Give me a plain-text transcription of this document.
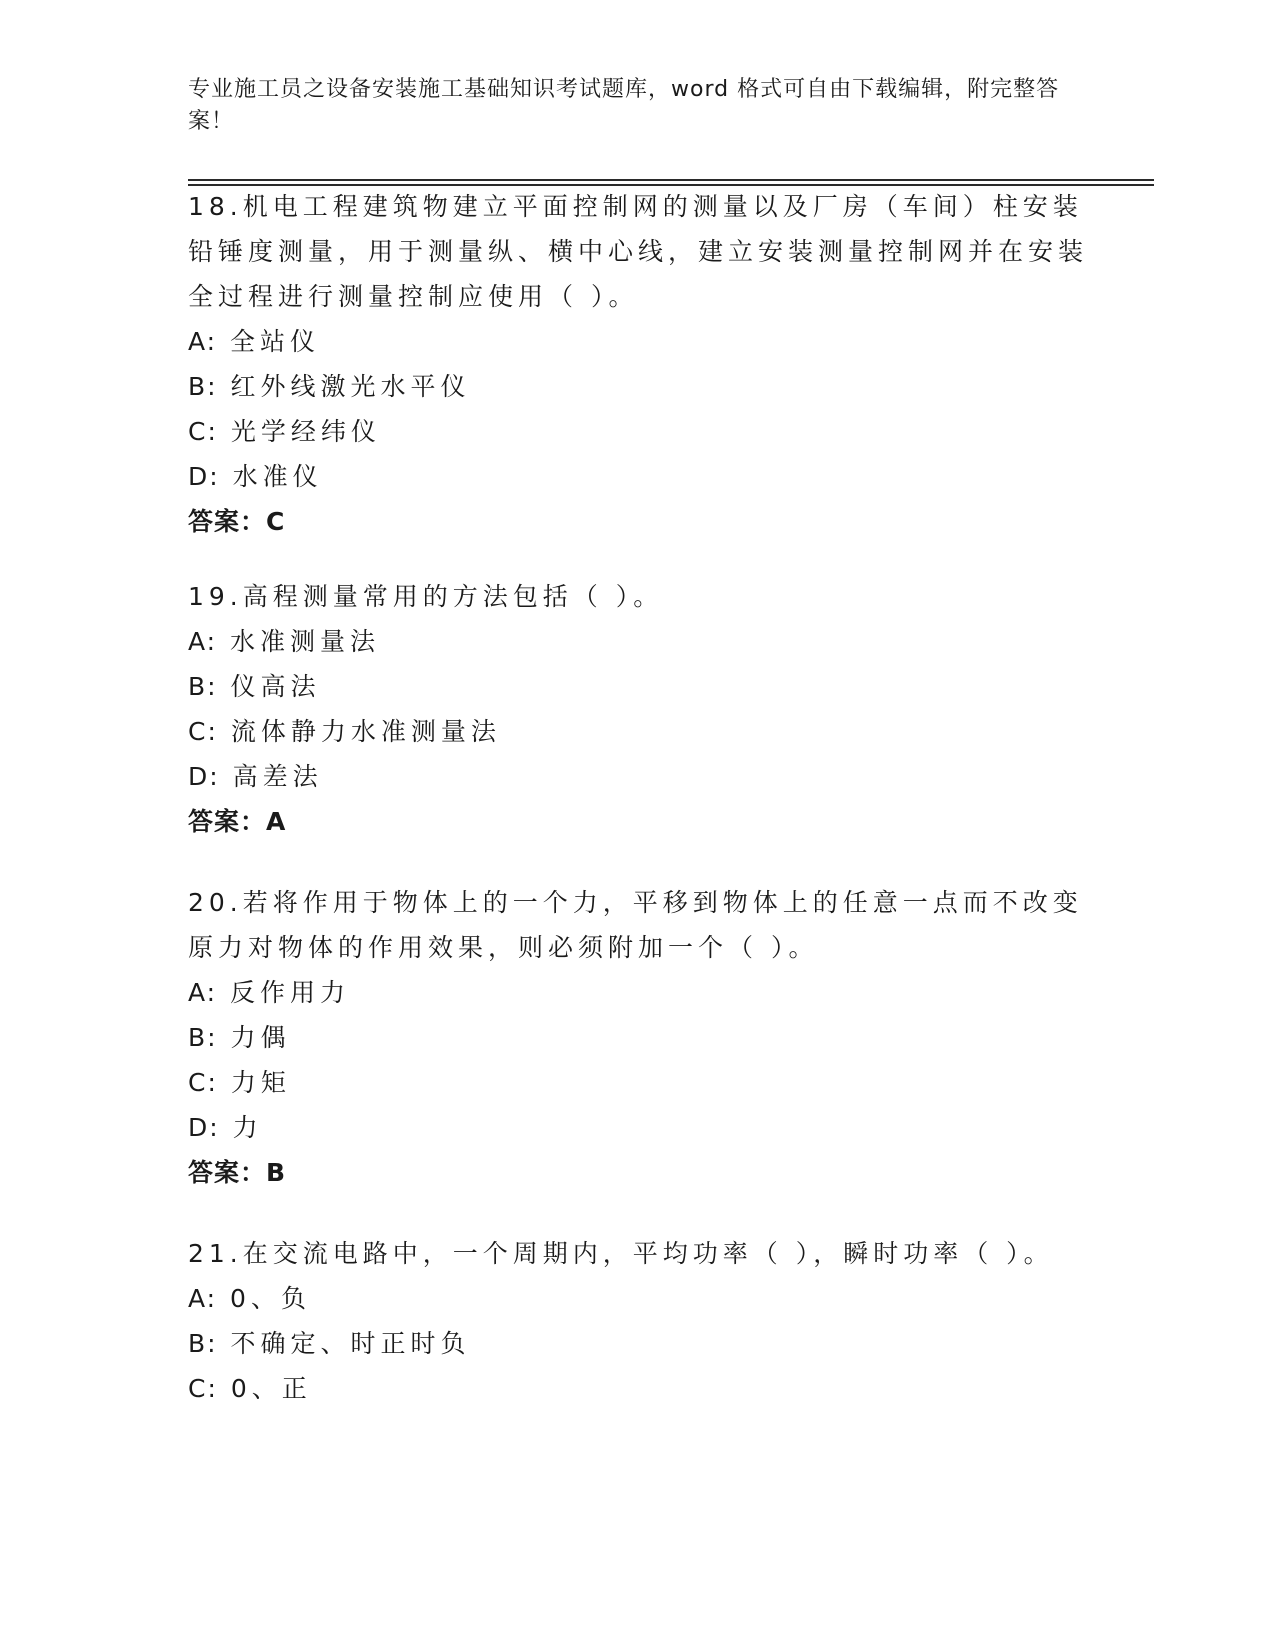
专业施工员之设备安装施工基础知识考试题库，word 格式可自由下载编辑，附完整答案！

18.机电工程建筑物建立平面控制网的测量以及厂房（车间）柱安装铅锤度测量，用于测量纵、横中心线，建立安装测量控制网并在安装全过程进行测量控制应使用（ ）。

A: 全站仪
B: 红外线激光水平仪
C: 光学经纬仪
D: 水准仪
答案：C

19.高程测量常用的方法包括（ ）。

A: 水准测量法
B: 仪高法
C: 流体静力水准测量法
D: 高差法
答案：A

20.若将作用于物体上的一个力，平移到物体上的任意一点而不改变原力对物体的作用效果，则必须附加一个（ ）。

A: 反作用力
B: 力偶
C: 力矩
D: 力
答案：B

21.在交流电路中，一个周期内，平均功率（ ），瞬时功率（ ）。

A: 0、负
B: 不确定、时正时负
C: 0、正
